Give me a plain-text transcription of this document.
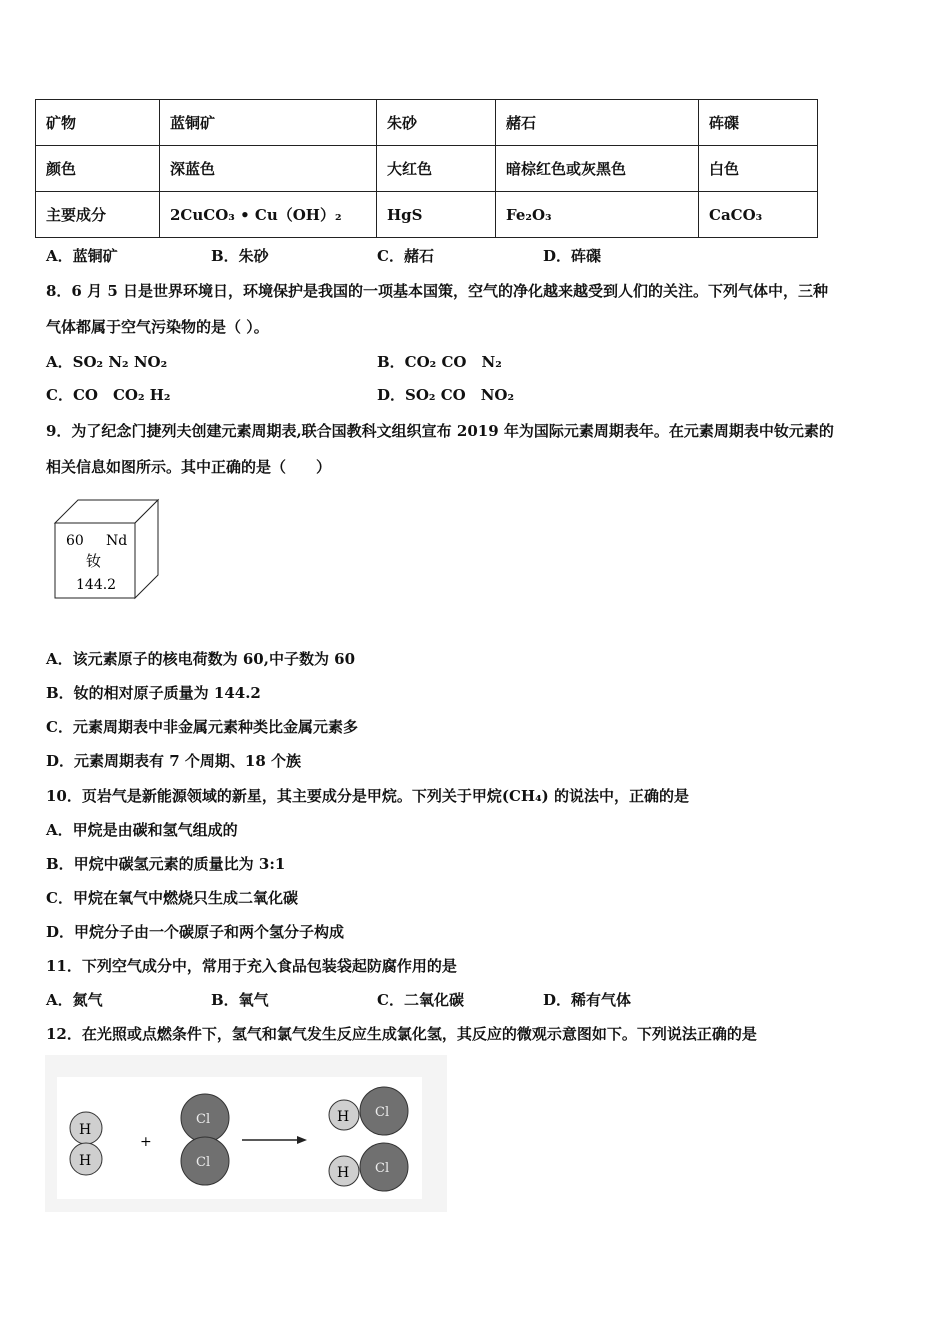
矿物	蓝铜矿	朱砂	赭石	砗磲
颜色	深蓝色	大红色	暗棕红色或灰黑色	白色
主要成分	2CuCO₃ • Cu（OH）₂	HgS	Fe₂O₃	CaCO₃
A．蓝铜矿	B．朱砂	C．赭石	D．砗磲
8．6 月 5 日是世界环境日，环境保护是我国的一项基本国策，空气的净化越来越受到人们的关注。下列气体中，三种
气体都属于空气污染物的是（ ）。
A．SO₂ N₂ NO₂	B．CO₂ CO　N₂
C．CO　CO₂ H₂	D．SO₂ CO　NO₂
9．为了纪念门捷列夫创建元素周期表,联合国教科文组织宣布 2019 年为国际元素周期表年。在元素周期表中钕元素的
相关信息如图所示。其中正确的是（　　）
60 Nd
钕
144.2
A．该元素原子的核电荷数为 60,中子数为 60
B．钕的相对原子质量为 144.2
C．元素周期表中非金属元素种类比金属元素多
D．元素周期表有 7 个周期、18 个族
10．页岩气是新能源领域的新星，其主要成分是甲烷。下列关于甲烷(CH₄) 的说法中，正确的是
A．甲烷是由碳和氢气组成的
B．甲烷中碳氢元素的质量比为 3:1
C．甲烷在氧气中燃烧只生成二氧化碳
D．甲烷分子由一个碳原子和两个氢分子构成
11．下列空气成分中，常用于充入食品包装袋起防腐作用的是
A．氮气	B．氧气	C．二氧化碳	D．稀有气体
12．在光照或点燃条件下，氢气和氯气发生反应生成氯化氢，其反应的微观示意图如下。下列说法正确的是
H
H
+
Cl
Cl
Cl
H
Cl
H
